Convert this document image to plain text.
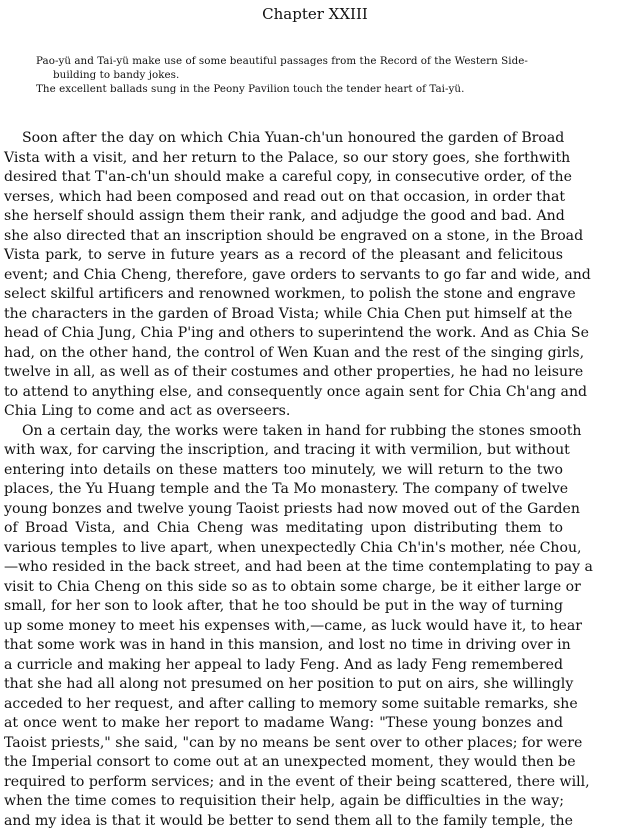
Chapter XXIII

Pao-yü and Tai-yü make use of some beautiful passages from the Record of the Western Side-

building to bandy jokes.

The excellent ballads sung in the Peony Pavilion touch the tender heart of Tai-yü.

Soon after the day on which Chia Yuan-ch'un honoured the garden of Broad
Vista with a visit, and her return to the Palace, so our story goes, she forthwith
desired that T'an-ch'un should make a careful copy, in consecutive order, of the
verses, which had been composed and read out on that occasion, in order that
she herself should assign them their rank, and adjudge the good and bad. And
she also directed that an inscription should be engraved on a stone, in the Broad
Vista park, to serve in future years as a record of the pleasant and felicitous
event; and Chia Cheng, therefore, gave orders to servants to go far and wide, and
select skilful artificers and renowned workmen, to polish the stone and engrave
the characters in the garden of Broad Vista; while Chia Chen put himself at the
head of Chia Jung, Chia P'ing and others to superintend the work. And as Chia Se
had, on the other hand, the control of Wen Kuan and the rest of the singing girls,
twelve in all, as well as of their costumes and other properties, he had no leisure
to attend to anything else, and consequently once again sent for Chia Ch'ang and
Chia Ling to come and act as overseers.
On a certain day, the works were taken in hand for rubbing the stones smooth
with wax, for carving the inscription, and tracing it with vermilion, but without
entering into details on these matters too minutely, we will return to the two
places, the Yu Huang temple and the Ta Mo monastery. The company of twelve
young bonzes and twelve young Taoist priests had now moved out of the Garden
of Broad Vista, and Chia Cheng was meditating upon distributing them to
various temples to live apart, when unexpectedly Chia Ch'in's mother, née Chou,
—who resided in the back street, and had been at the time contemplating to pay a
visit to Chia Cheng on this side so as to obtain some charge, be it either large or
small, for her son to look after, that he too should be put in the way of turning
up some money to meet his expenses with,—came, as luck would have it, to hear
that some work was in hand in this mansion, and lost no time in driving over in
a curricle and making her appeal to lady Feng. And as lady Feng remembered
that she had all along not presumed on her position to put on airs, she willingly
acceded to her request, and after calling to memory some suitable remarks, she
at once went to make her report to madame Wang: "These young bonzes and
Taoist priests," she said, "can by no means be sent over to other places; for were
the Imperial consort to come out at an unexpected moment, they would then be
required to perform services; and in the event of their being scattered, there will,
when the time comes to requisition their help, again be difficulties in the way;
and my idea is that it would be better to send them all to the family temple, the
